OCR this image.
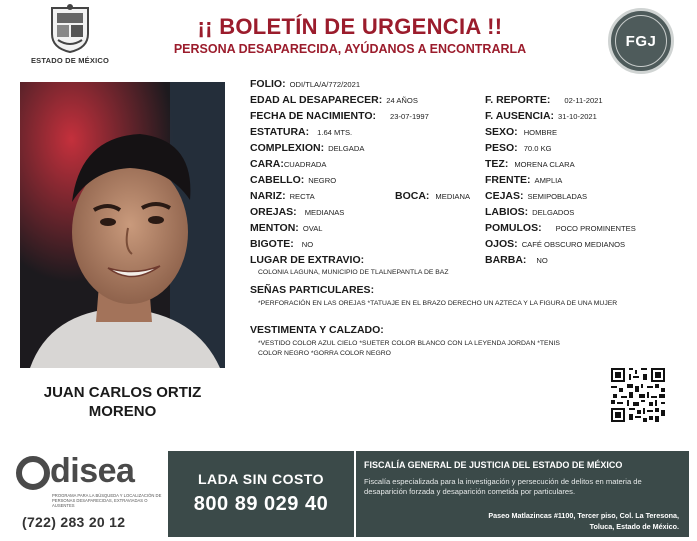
ESTADO DE MÉXICO
¡¡ BOLETÍN DE URGENCIA !!
PERSONA DESAPARECIDA, AYÚDANOS A ENCONTRARLA	FGJ
JUAN CARLOS ORTIZ
MORENO
FOLIO: ODI/TLA/A/772/2021
EDAD AL DESAPARECER: 24 AÑOS	F. REPORTE: 02-11-2021
FECHA DE NACIMIENTO: 23-07-1997	F. AUSENCIA: 31-10-2021
ESTATURA: 1.64 MTS.	SEXO: HOMBRE
COMPLEXION: DELGADA	PESO: 70.0 KG
CARA:CUADRADA	TEZ: MORENA CLARA
CABELLO: NEGRO	FRENTE: AMPLIA
NARIZ: RECTA	BOCA: MEDIANA CEJAS: SEMIPOBLADAS
OREJAS: MEDIANAS	LABIOS: DELGADOS
MENTON: OVAL	POMULOS: POCO PROMINENTES
BIGOTE: NO	OJOS: CAFÉ OBSCURO MEDIANOS
LUGAR DE EXTRAVIO:
COLONIA LAGUNA, MUNICIPIO DE TLALNEPANTLA DE BAZ
BARBA: NO
SEÑAS PARTICULARES:
*PERFORACIÓN EN LAS OREJAS *TATUAJE EN EL BRAZO DERECHO UN AZTECA Y LA FIGURA DE UNA MUJER
VESTIMENTA Y CALZADO:
*VESTIDO COLOR AZUL CIELO *SUETER COLOR BLANCO CON LA LEYENDA JORDAN *TENIS
COLOR NEGRO *GORRA COLOR NEGRO
disea
PROGRAMA PARA LA BÚSQUEDA Y LOCALIZACIÓN DE PERSONAS DESAPARECIDAS, EXTRAVIADAS O AUSENTES
(722) 283 20 12
LADA SIN COSTO
800 89 029 40
FISCALÍA GENERAL DE JUSTICIA DEL ESTADO DE MÉXICO
Fiscalía especializada para la investigación y persecución de delitos en materia de desaparición forzada y desaparición cometida por particulares.
Paseo Matlazincas #1100, Tercer piso, Col. La Teresona,
Toluca, Estado de México.
